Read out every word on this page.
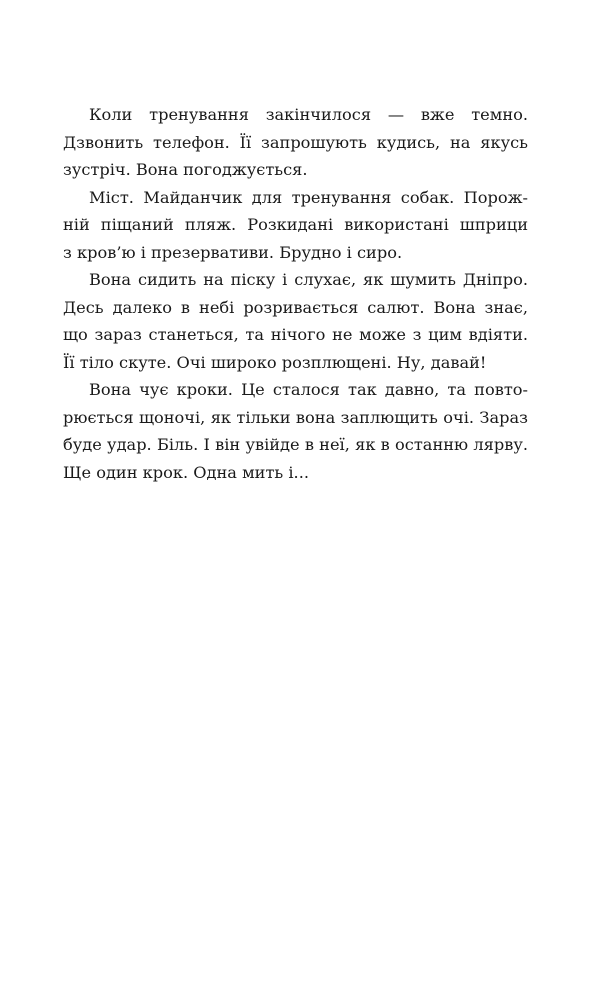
Коли тренування закінчилося — вже темно.
Дзвонить телефон. Її запрошують кудись, на якусь
зустріч. Вона погоджується.
Міст. Майданчик для тренування собак. Порож-
ній піщаний пляж. Розкидані використані шприци
з кров’ю і презервативи. Брудно і сиро.
Вона сидить на піску і слухає, як шумить Дніпро.
Десь далеко в небі розривається салют. Вона знає,
що зараз станеться, та нічого не може з цим вдіяти.
Її тіло скуте. Очі широко розплющені. Ну, давай!
Вона чує кроки. Це сталося так давно, та повто-
рюється щоночі, як тільки вона заплющить очі. Зараз
буде удар. Біль. І він увійде в неї, як в останню лярву.
Ще один крок. Одна мить і...
